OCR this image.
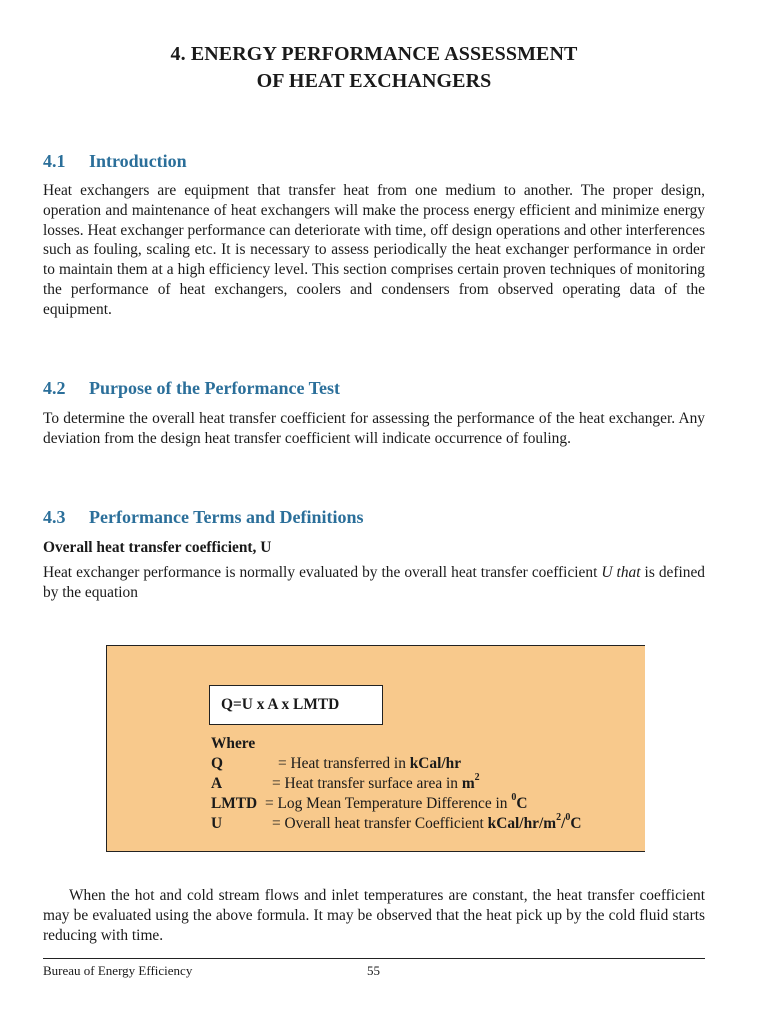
4. ENERGY PERFORMANCE ASSESSMENT
OF HEAT EXCHANGERS
4.1 Introduction

Heat exchangers are equipment that transfer heat from one medium to another. The proper design, operation and maintenance of heat exchangers will make the process energy efficient and minimize energy losses. Heat exchanger performance can deteriorate with time, off design operations and other interferences such as fouling, scaling etc. It is necessary to assess periodically the heat exchanger performance in order to maintain them at a high efficiency level. This section comprises certain proven techniques of monitoring the performance of heat exchangers, coolers and condensers from observed operating data of the equipment.

4.2 Purpose of the Performance Test

To determine the overall heat transfer coefficient for assessing the performance of the heat exchanger. Any deviation from the design heat transfer coefficient will indicate occurrence of fouling.

4.3 Performance Terms and Definitions

Overall heat transfer coefficient, U

Heat exchanger performance is normally evaluated by the overall heat transfer coefficient U that is defined by the equation

Q=U x A x LMTD
Where
Q	= Heat transferred in kCal/hr
A	= Heat transfer surface area in $m^2$
LMTD = Log Mean Temperature Difference in $^0$C
U	= Overall heat transfer Coefficient kCal/$hr/m^2/^0C$

When the hot and cold stream flows and inlet temperatures are constant, the heat transfer coefficient may be evaluated using the above formula. It may be observed that the heat pick up by the cold fluid starts reducing with time.

Bureau of Energy Efficiency	55
